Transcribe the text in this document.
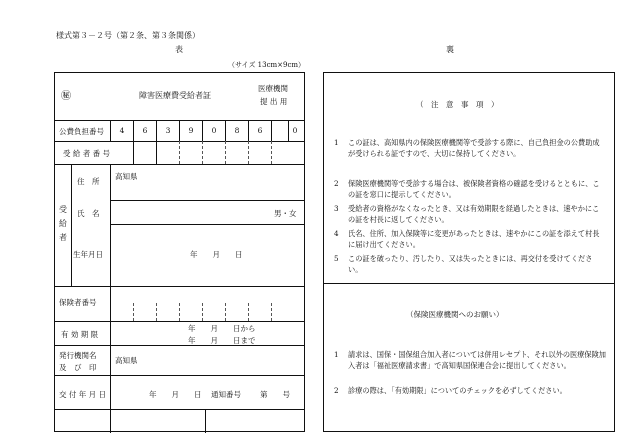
様式第３－２号（第２条、第３条関係）
表	裏
（サイズ 13cm×9cm）
㊙	障害医療費受給者証
医療機関
提 出 用
公費負担番号	4	6	3	9	0	8	6	0
受 給 者 番 号
受給者
住　所
高知県
氏　名	男・女
生年月日	年　　月　　日
保険者番号
有 効 期 限
年　　月　　日から
年　　月　　日まで
発行機関名
及　び　印
高知県
交 付 年 月 日	年　　月　　日 通知番号	第　　号
（　注　意　事　項　）
1 この証は、高知県内の保険医療機関等で受診する際に、自己負担金の公費助成が受けられる証ですので、大切に保持してください。
2 保険医療機関等で受診する場合は、被保険者資格の確認を受けるとともに、この証を窓口に提示してください。
3 受給者の資格がなくなったとき、又は有効期限を経過したときは、速やかにこの証を村長に返してください。
4 氏名、住所、加入保険等に変更があったときは、速やかにこの証を添えて村長に届け出てください。
5 この証を破ったり、汚したり、又は失ったときには、再交付を受けてください。
（保険医療機関へのお願い）
1 請求は、国保・国保組合加入者については併用レセプト、それ以外の医療保険加入者は「福祉医療請求書」で高知県国保連合会に提出してください。
2 診療の際は、「有効期限」についてのチェックを必ずしてください。
